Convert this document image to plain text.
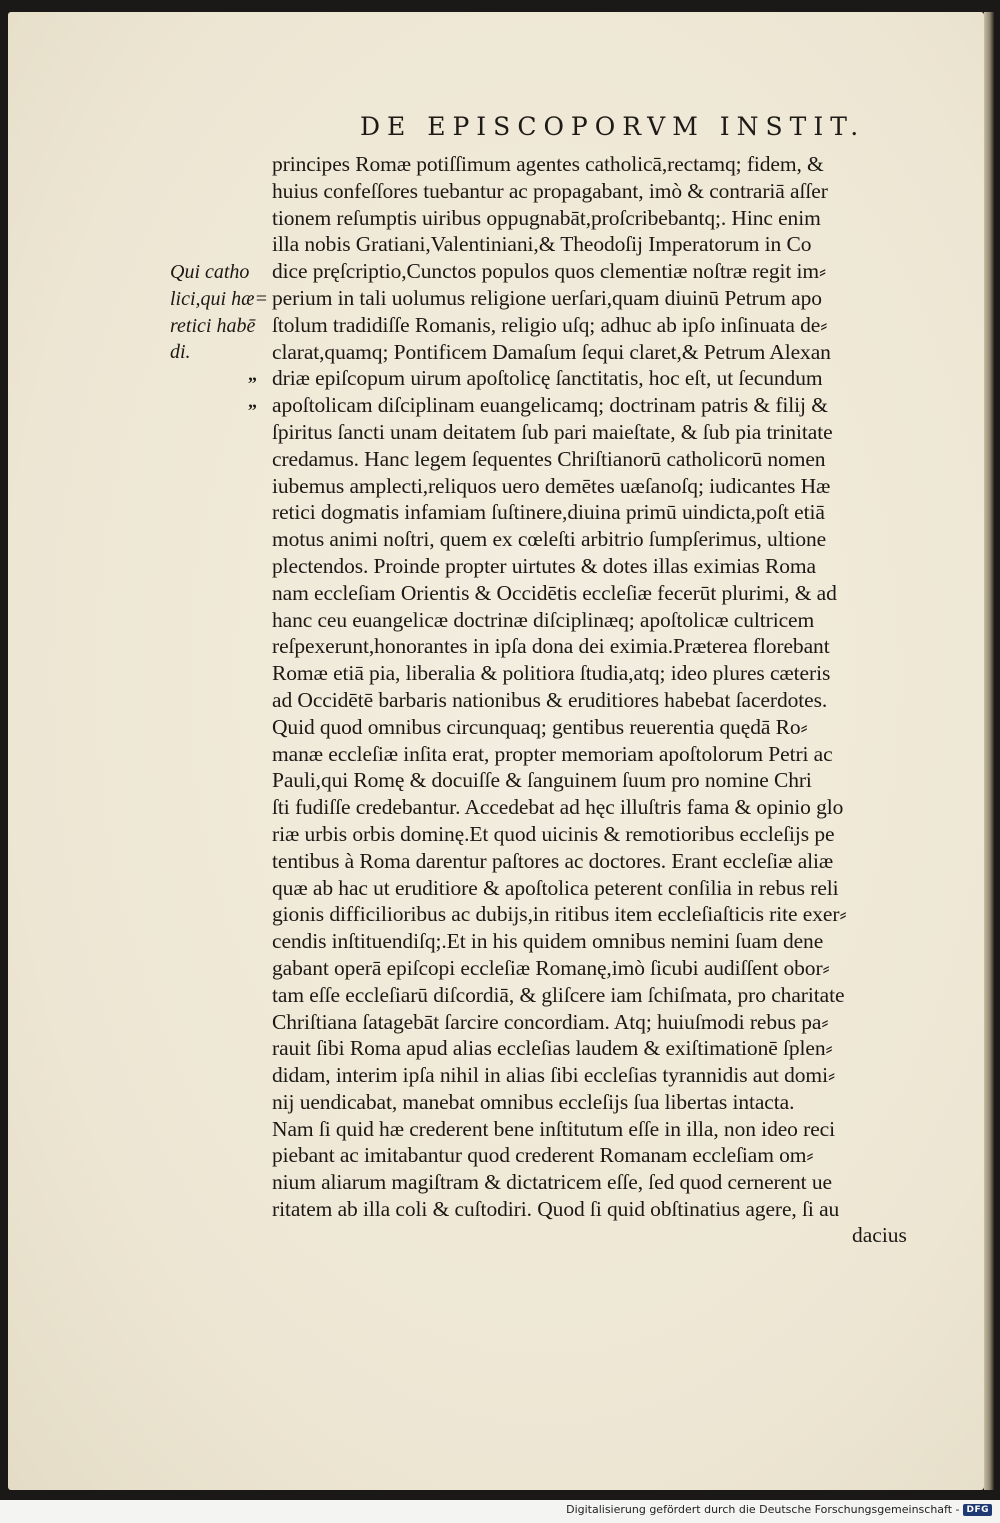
DE EPISCOPORVM INSTIT.
Qui catho
lici,qui hæ=
retici habē
di.
„
„
principes Romæ potiſſimum agentes catholicā,rectamq; fidem, &
huius confeſſores tuebantur ac propagabant, imò & contrariā aſſer
tionem reſumptis uiribus oppugnabāt,proſcribebantq;. Hinc enim
illa nobis Gratiani,Valentiniani,& Theodoſij Imperatorum in Co
dice pręſcriptio,Cunctos populos quos clementiæ noſtræ regit im⸗
perium in tali uolumus religione uerſari,quam diuinū Petrum apo
ſtolum tradidiſſe Romanis, religio uſq; adhuc ab ipſo inſinuata de⸗
clarat,quamq; Pontificem Damaſum ſequi claret,& Petrum Alexan
driæ epiſcopum uirum apoſtolicę ſanctitatis, hoc eſt, ut ſecundum
apoſtolicam diſciplinam euangelicamq; doctrinam patris & filij &
ſpiritus ſancti unam deitatem ſub pari maieſtate, & ſub pia trinitate
credamus. Hanc legem ſequentes Chriſtianorū catholicorū nomen
iubemus amplecti,reliquos uero demētes uæſanoſq; iudicantes Hæ
retici dogmatis infamiam ſuſtinere,diuina primū uindicta,poſt etiā
motus animi noſtri, quem ex cœleſti arbitrio ſumpſerimus, ultione
plectendos. Proinde propter uirtutes & dotes illas eximias Roma
nam eccleſiam Orientis & Occidētis eccleſiæ fecerūt plurimi, & ad
hanc ceu euangelicæ doctrinæ diſciplinæq; apoſtolicæ cultricem
reſpexerunt,honorantes in ipſa dona dei eximia.Præterea florebant
Romæ etiā pia, liberalia & politiora ſtudia,atq; ideo plures cæteris
ad Occidētē barbaris nationibus & eruditiores habebat ſacerdotes.
Quid quod omnibus circunquaq; gentibus reuerentia quędā Ro⸗
manæ eccleſiæ inſita erat, propter memoriam apoſtolorum Petri ac
Pauli,qui Romę & docuiſſe & ſanguinem ſuum pro nomine Chri
ſti fudiſſe credebantur. Accedebat ad hęc illuſtris fama & opinio glo
riæ urbis orbis dominę.Et quod uicinis & remotioribus eccleſijs pe
tentibus à Roma darentur paſtores ac doctores. Erant eccleſiæ aliæ
quæ ab hac ut eruditiore & apoſtolica peterent conſilia in rebus reli
gionis difficilioribus ac dubijs,in ritibus item eccleſiaſticis rite exer⸗
cendis inſtituendiſq;.Et in his quidem omnibus nemini ſuam dene
gabant operā epiſcopi eccleſiæ Romanę,imò ſicubi audiſſent obor⸗
tam eſſe eccleſiarū diſcordiā, & gliſcere iam ſchiſmata, pro charitate
Chriſtiana ſatagebāt ſarcire concordiam. Atq; huiuſmodi rebus pa⸗
rauit ſibi Roma apud alias eccleſias laudem & exiſtimationē ſplen⸗
didam, interim ipſa nihil in alias ſibi eccleſias tyrannidis aut domi⸗
nij uendicabat, manebat omnibus eccleſijs ſua libertas intacta.
Nam ſi quid hæ crederent bene inſtitutum eſſe in illa, non ideo reci
piebant ac imitabantur quod crederent Romanam eccleſiam om⸗
nium aliarum magiſtram & dictatricem eſſe, ſed quod cernerent ue
ritatem ab illa coli & cuſtodiri. Quod ſi quid obſtinatius agere, ſi au
dacius
Digitalisierung gefördert durch die Deutsche Forschungsgemeinschaft - DFG
